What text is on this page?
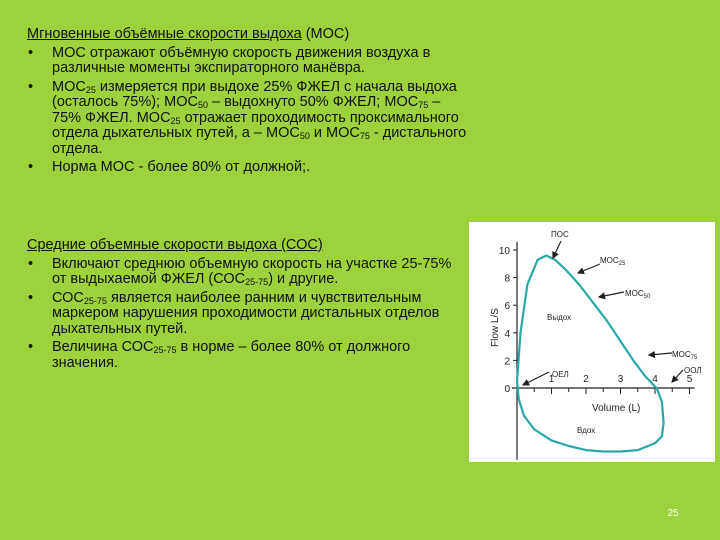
Мгновенные объёмные скорости выдоха (МОС)

• МОС отражают объёмную скорость движения воздуха в различные моменты экспираторного манёвра.
• $МОС_{25}$ измеряется при выдохе 25% ФЖЕЛ с начала выдоха (осталось 75%); $МОС_{50}$ – выдохнуто 50% ФЖЕЛ; $МОС_{75} - 75\%$ ФЖЕЛ. $МОС_{25}$ отражает проходимость проксимального отдела дыхательных путей, а – $МОС_{50}$ и $МОС_{75}$ - дистального отдела.
• Норма МОС - более 80% от должной;.

Средние объемные скорости выдоха (СОС)

• Включают среднюю объемную скорость на участке 25-75% от выдыхаемой ФЖЕЛ $(СОС_{25-75})$ и другие.
• $СОС_{25-75}$ является наиболее ранним и чувствительным маркером нарушения проходимости дистальных отделов дыхательных путей.
• Величина $СОС_{25-75}$ в норме – более 80% от должного значения.
0
2
4
6
8
10
1	2	3	4	5
Flow L/S
Volume (L)
ПОС
$МОС_{25}$
$МОС_{50}$
$МОС_{75}$
Выдох
Вдох
ОЕЛ	ООЛ
25
